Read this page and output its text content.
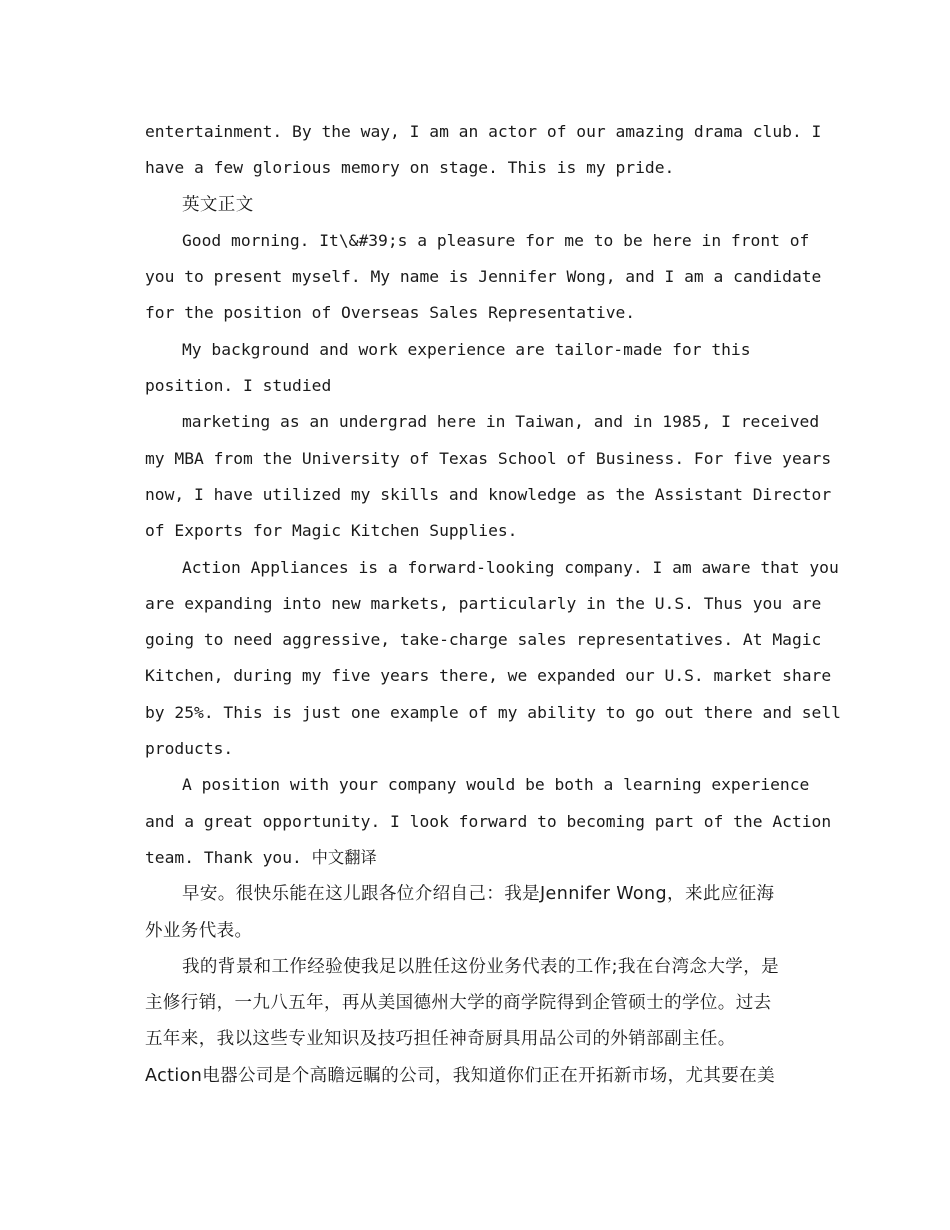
entertainment. By the way, I am an actor of our amazing drama club. I
have a few glorious memory on stage. This is my pride.
英文正文
Good morning. It\&#39;s a pleasure for me to be here in front of
you to present myself. My name is Jennifer Wong, and I am a candidate
for the position of Overseas Sales Representative.
My background and work experience are tailor-made for this
position. I studied
marketing as an undergrad here in Taiwan, and in 1985, I received
my MBA from the University of Texas School of Business. For five years
now, I have utilized my skills and knowledge as the Assistant Director
of Exports for Magic Kitchen Supplies.
Action Appliances is a forward-looking company. I am aware that you
are expanding into new markets, particularly in the U.S. Thus you are
going to need aggressive, take-charge sales representatives. At Magic
Kitchen, during my five years there, we expanded our U.S. market share
by 25%. This is just one example of my ability to go out there and sell
products.
A position with your company would be both a learning experience
and a great opportunity. I look forward to becoming part of the Action
team. Thank you. 中文翻译
早安。很快乐能在这儿跟各位介绍自己：我是Jennifer Wong，来此应征海
外业务代表。
我的背景和工作经验使我足以胜任这份业务代表的工作;我在台湾念大学，是
主修行销，一九八五年，再从美国德州大学的商学院得到企管硕士的学位。过去
五年来，我以这些专业知识及技巧担任神奇厨具用品公司的外销部副主任。
Action电器公司是个高瞻远瞩的公司，我知道你们正在开拓新市场，尤其要在美
